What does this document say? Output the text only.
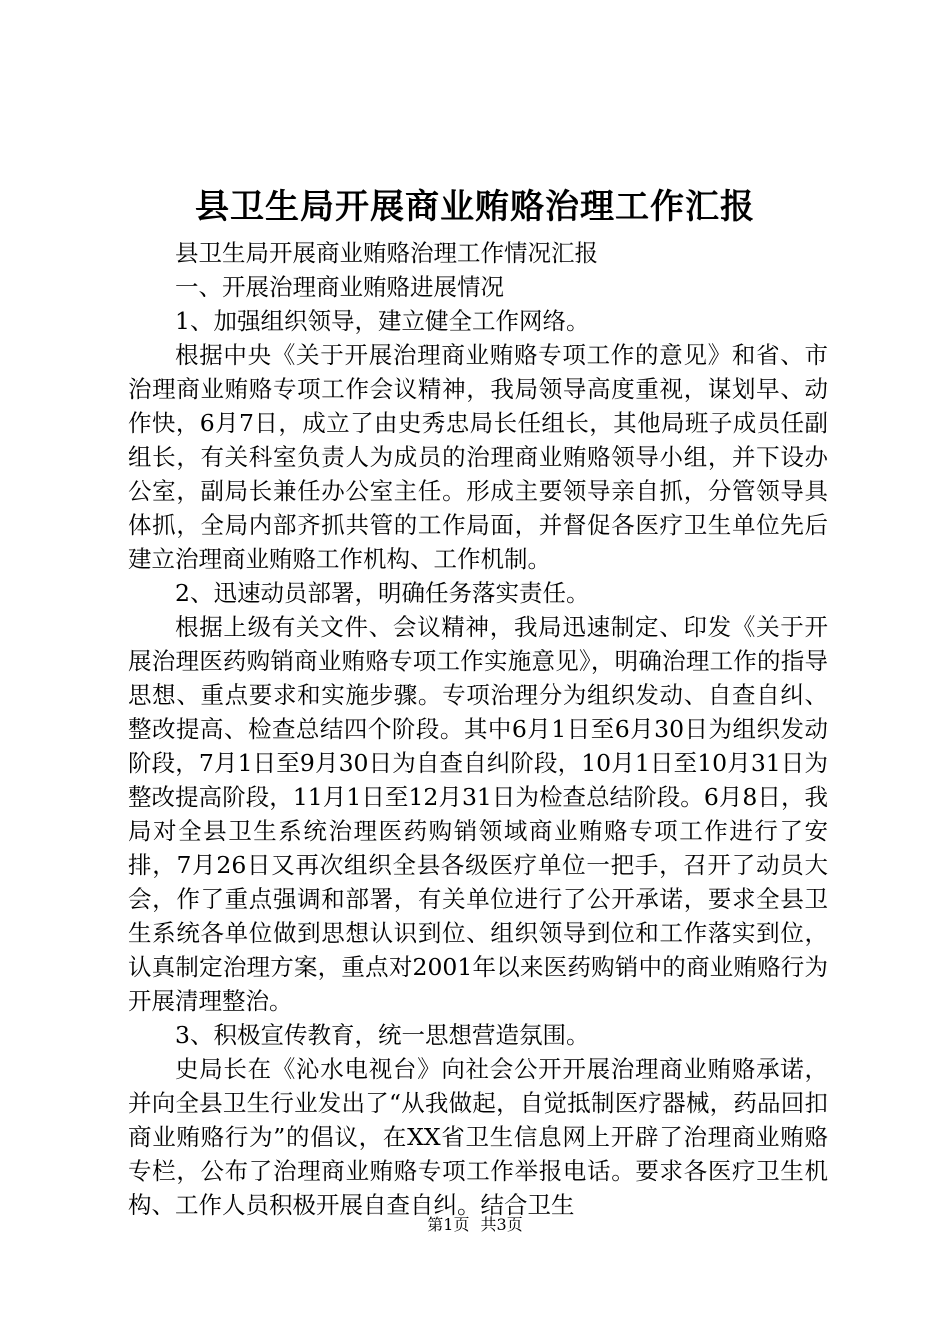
县卫生局开展商业贿赂治理工作汇报

县卫生局开展商业贿赂治理工作情况汇报

一、开展治理商业贿赂进展情况

1、加强组织领导，建立健全工作网络。

根据中央《关于开展治理商业贿赂专项工作的意见》和省、市治理商业贿赂专项工作会议精神，我局领导高度重视，谋划早、动作快，6月7日，成立了由史秀忠局长任组长，其他局班子成员任副组长，有关科室负责人为成员的治理商业贿赂领导小组，并下设办公室，副局长兼任办公室主任。形成主要领导亲自抓，分管领导具体抓，全局内部齐抓共管的工作局面，并督促各医疗卫生单位先后建立治理商业贿赂工作机构、工作机制。

2、迅速动员部署，明确任务落实责任。

根据上级有关文件、会议精神，我局迅速制定、印发《关于开展治理医药购销商业贿赂专项工作实施意见》，明确治理工作的指导思想、重点要求和实施步骤。专项治理分为组织发动、自查自纠、整改提高、检查总结四个阶段。其中6月1日至6月30日为组织发动阶段，7月1日至9月30日为自查自纠阶段，10月1日至10月31日为整改提高阶段，11月1日至12月31日为检查总结阶段。6月8日，我局对全县卫生系统治理医药购销领域商业贿赂专项工作进行了安排，7月26日又再次组织全县各级医疗单位一把手，召开了动员大会，作了重点强调和部署，有关单位进行了公开承诺，要求全县卫生系统各单位做到思想认识到位、组织领导到位和工作落实到位，认真制定治理方案，重点对2001年以来医药购销中的商业贿赂行为开展清理整治。

3、积极宣传教育，统一思想营造氛围。

史局长在《沁水电视台》向社会公开开展治理商业贿赂承诺，并向全县卫生行业发出了“从我做起，自觉抵制医疗器械，药品回扣商业贿赂行为”的倡议，在XX省卫生信息网上开辟了治理商业贿赂专栏，公布了治理商业贿赂专项工作举报电话。要求各医疗卫生机构、工作人员积极开展自查自纠。结合卫生

第1页 共3页
